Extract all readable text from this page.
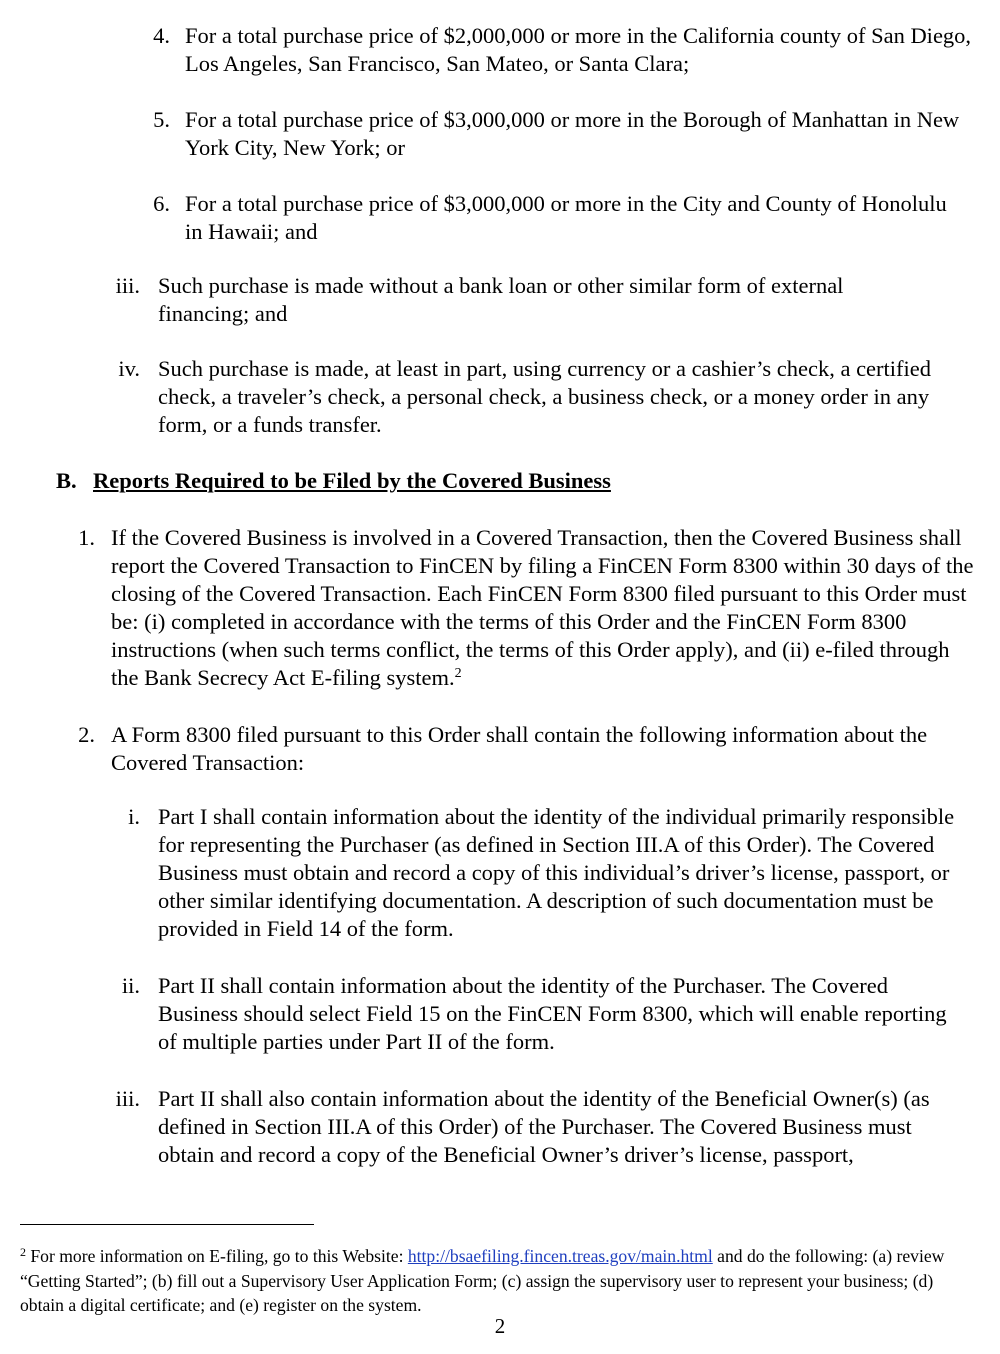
4. For a total purchase price of $2,000,000 or more in the California county of San Diego, Los Angeles, San Francisco, San Mateo, or Santa Clara;
5. For a total purchase price of $3,000,000 or more in the Borough of Manhattan in New York City, New York; or
6. For a total purchase price of $3,000,000 or more in the City and County of Honolulu in Hawaii; and
iii. Such purchase is made without a bank loan or other similar form of external financing; and
iv. Such purchase is made, at least in part, using currency or a cashier’s check, a certified check, a traveler’s check, a personal check, a business check, or a money order in any form, or a funds transfer.
B. Reports Required to be Filed by the Covered Business
1. If the Covered Business is involved in a Covered Transaction, then the Covered Business shall report the Covered Transaction to FinCEN by filing a FinCEN Form 8300 within 30 days of the closing of the Covered Transaction. Each FinCEN Form 8300 filed pursuant to this Order must be: (i) completed in accordance with the terms of this Order and the FinCEN Form 8300 instructions (when such terms conflict, the terms of this Order apply), and (ii) e-filed through the Bank Secrecy Act E-filing system.$^2$
2. A Form 8300 filed pursuant to this Order shall contain the following information about the Covered Transaction:
i. Part I shall contain information about the identity of the individual primarily responsible for representing the Purchaser (as defined in Section III.A of this Order). The Covered Business must obtain and record a copy of this individual’s driver’s license, passport, or other similar identifying documentation. A description of such documentation must be provided in Field 14 of the form.
ii. Part II shall contain information about the identity of the Purchaser. The Covered Business should select Field 15 on the FinCEN Form 8300, which will enable reporting of multiple parties under Part II of the form.
iii. Part II shall also contain information about the identity of the Beneficial Owner(s) (as defined in Section III.A of this Order) of the Purchaser. The Covered Business must obtain and record a copy of the Beneficial Owner’s driver’s license, passport,
$^2$ For more information on E-filing, go to this Website: http://bsaefiling.fincen.treas.gov/main.html and do the following: (a) review “Getting Started”; (b) fill out a Supervisory User Application Form; (c) assign the supervisory user to represent your business; (d) obtain a digital certificate; and (e) register on the system.
2
